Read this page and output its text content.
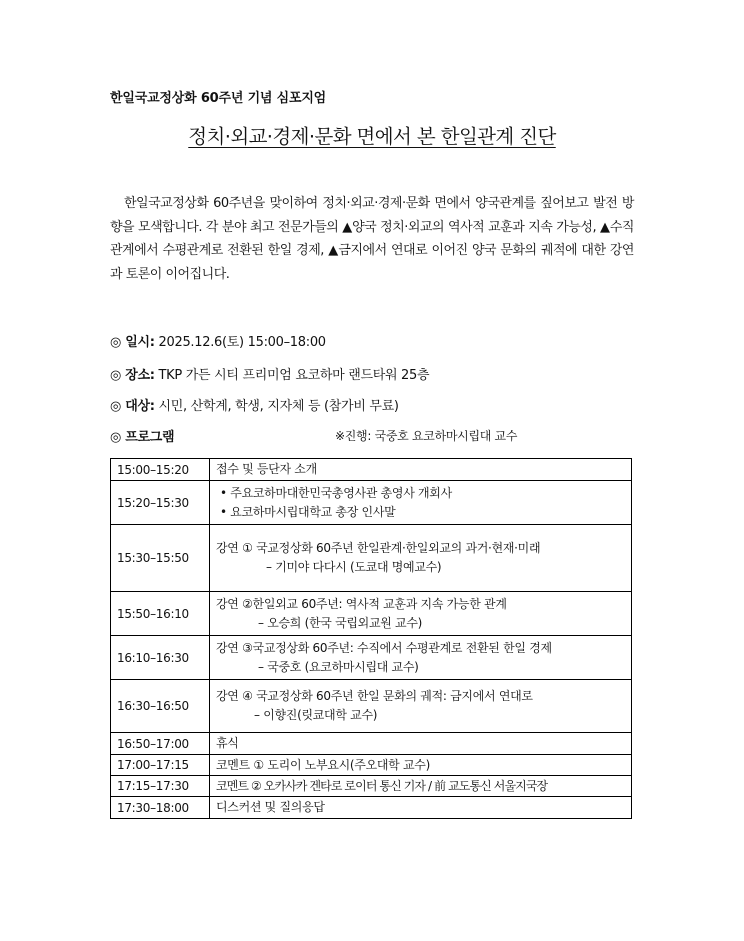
한일국교정상화 60주년 기념 심포지엄
정치·외교·경제·문화 면에서 본 한일관계 진단
한일국교정상화 60주년을 맞이하여 정치·외교·경제·문화 면에서 양국관계를 짚어보고 발전 방향을 모색합니다. 각 분야 최고 전문가들의 ▲양국 정치·외교의 역사적 교훈과 지속 가능성, ▲수직관계에서 수평관계로 전환된 한일 경제, ▲금지에서 연대로 이어진 양국 문화의 궤적에 대한 강연과 토론이 이어집니다.
◎ 일시: 2025.12.6(토) 15:00–18:00
◎ 장소: TKP 가든 시티 프리미엄 요코하마 랜드타워 25층
◎ 대상: 시민, 산학계, 학생, 지자체 등 (참가비 무료)
◎ 프로그램	※진행: 국중호 요코하마시립대 교수
15:00–15:20	접수 및 등단자 소개

15:20–15:30	• 주요코하마대한민국총영사관 총영사 개회사
• 요코하마시립대학교 총장 인사말

15:30–15:50	강연 ① 국교정상화 60주년 한일관계·한일외교의 과거·현재·미래
– 기미야 다다시 (도쿄대 명예교수)

15:50–16:10	강연 ②한일외교 60주년: 역사적 교훈과 지속 가능한 관계
– 오승희 (한국 국립외교원 교수)

16:10–16:30	강연 ③국교정상화 60주년: 수직에서 수평관계로 전환된 한일 경제
– 국중호 (요코하마시립대 교수)

16:30–16:50	강연 ④ 국교정상화 60주년 한일 문화의 궤적: 금지에서 연대로
– 이향진(릿쿄대학 교수)

16:50–17:00	휴식

17:00–17:15	코멘트 ① 도리이 노부요시(주오대학 교수)

17:15–17:30	코멘트 ② 오카사카 겐타로 로이터 통신 기자 / 前 교도통신 서울지국장

17:30–18:00	디스커션 및 질의응답
